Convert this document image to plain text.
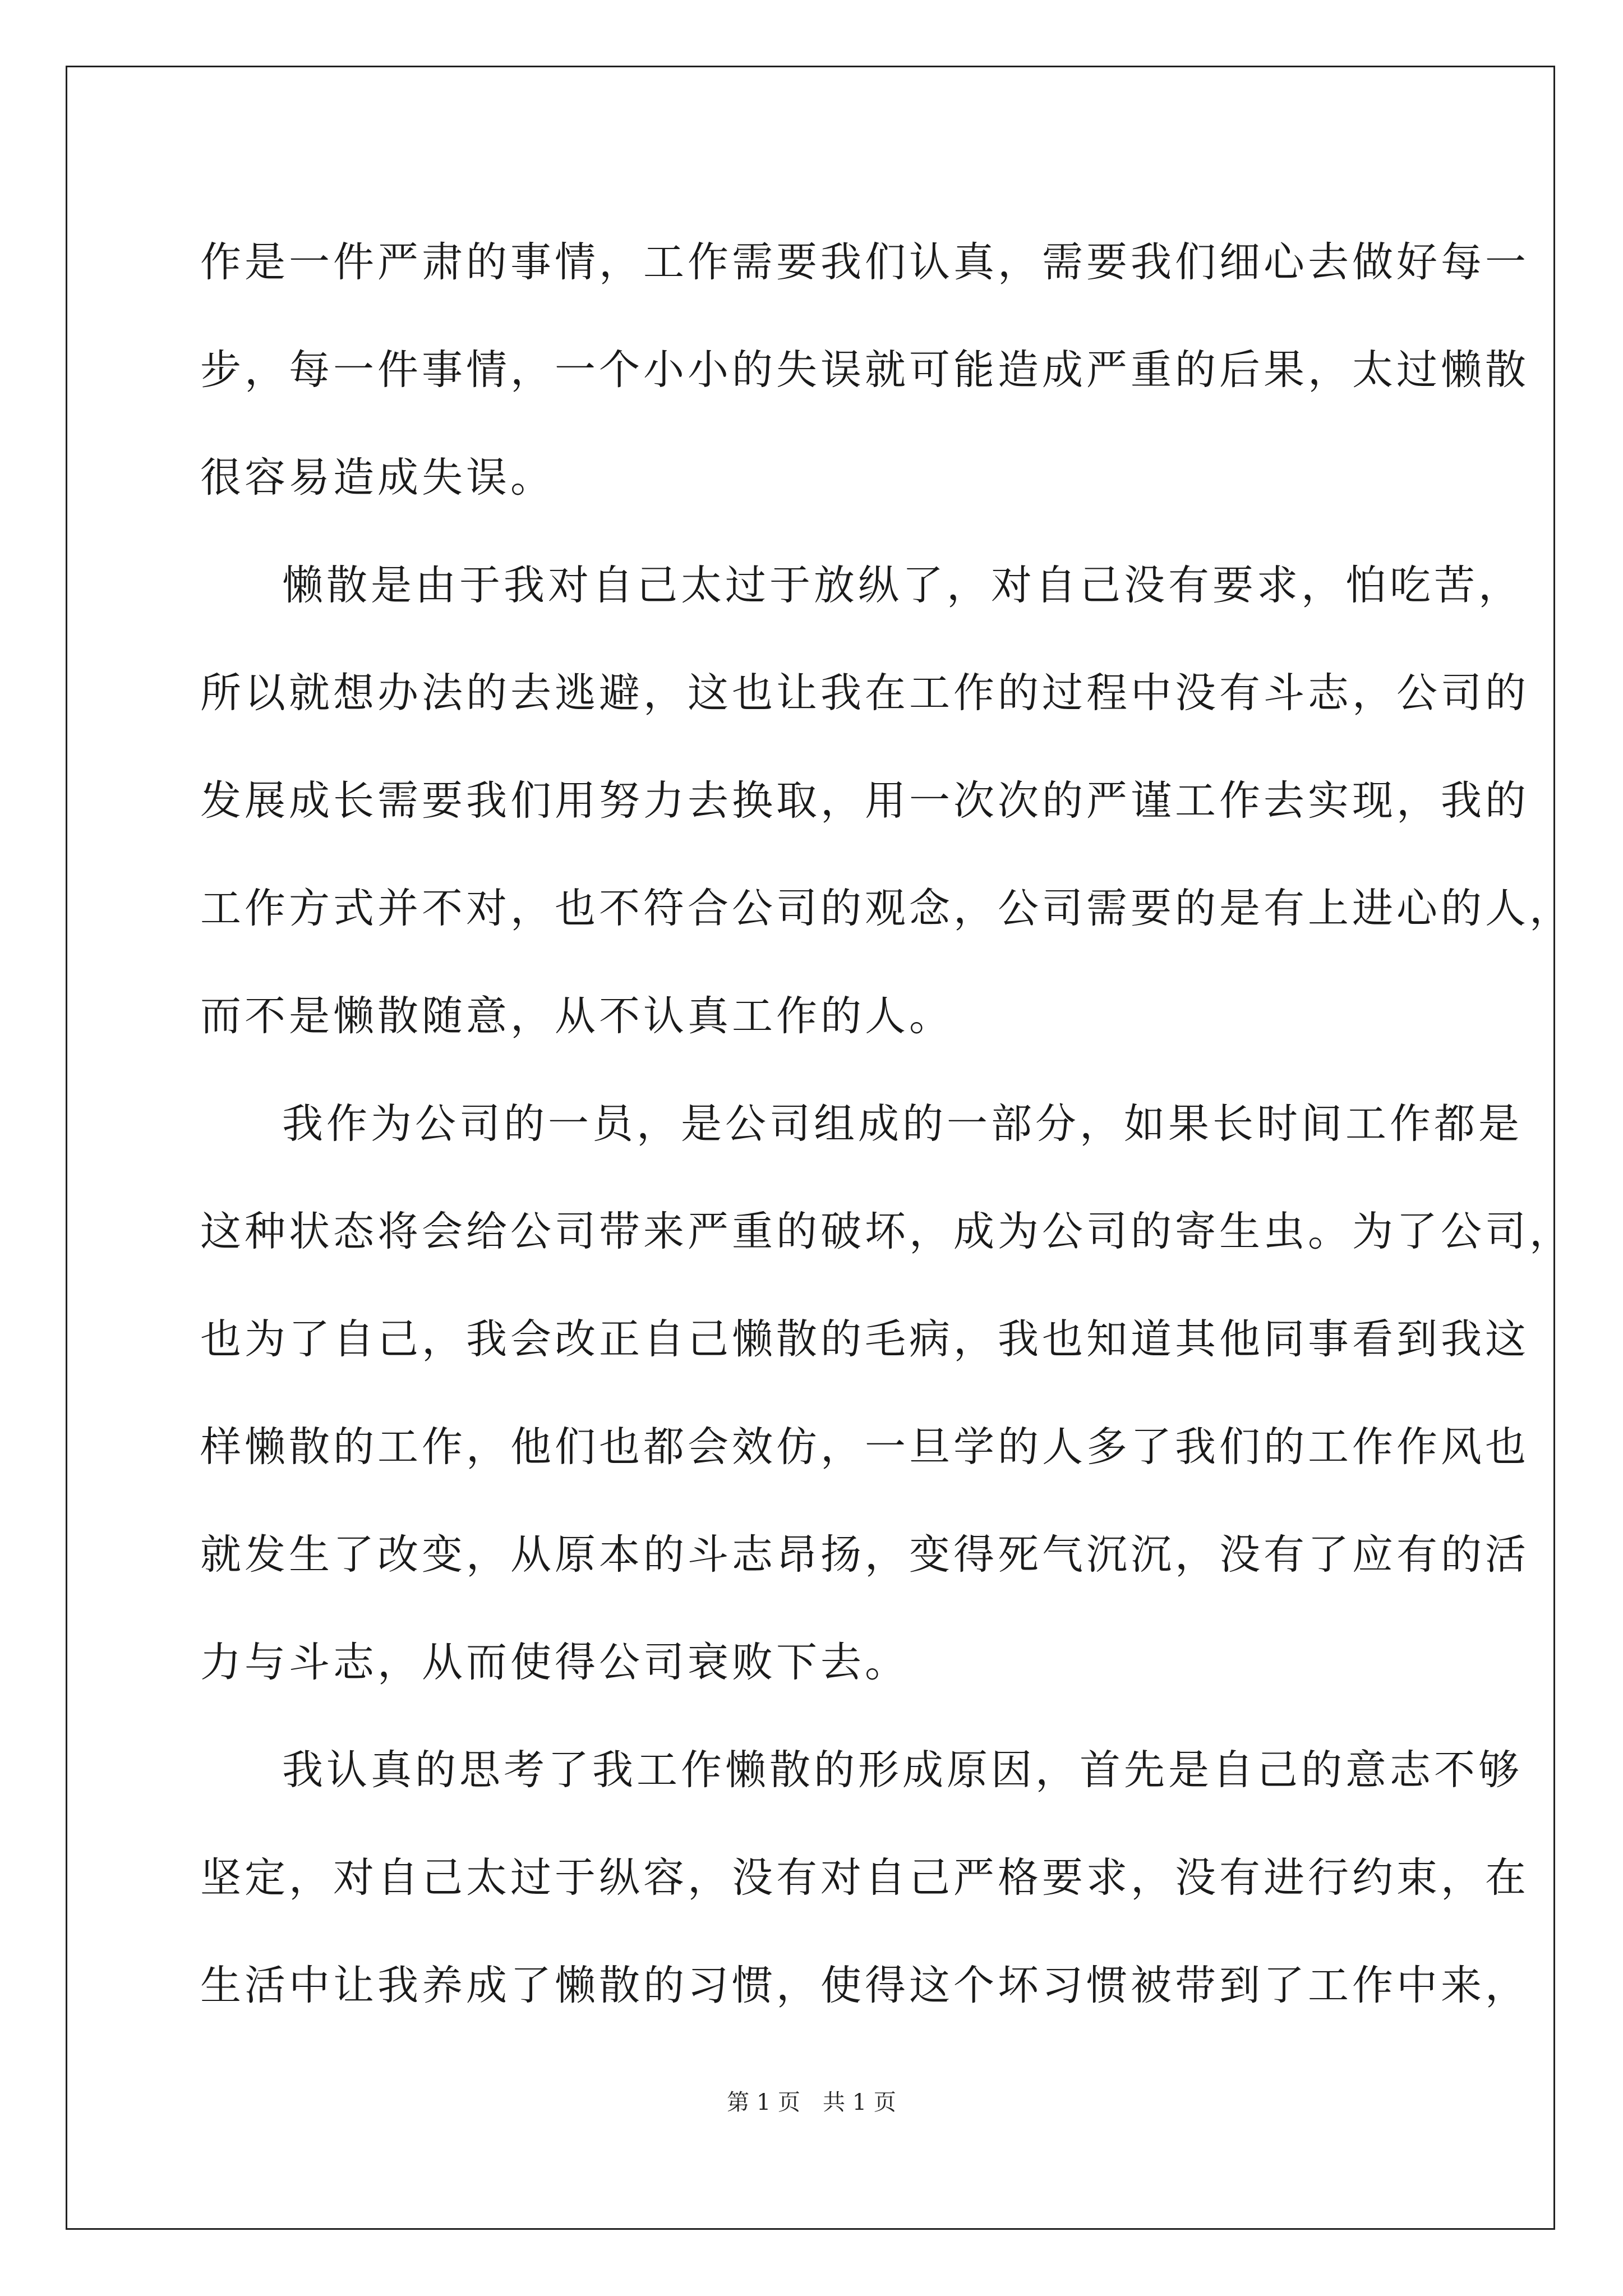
作是一件严肃的事情，工作需要我们认真，需要我们细心去做好每一
步，每一件事情，一个小小的失误就可能造成严重的后果，太过懒散
很容易造成失误。
懒散是由于我对自己太过于放纵了，对自己没有要求，怕吃苦，
所以就想办法的去逃避，这也让我在工作的过程中没有斗志，公司的
发展成长需要我们用努力去换取，用一次次的严谨工作去实现，我的
工作方式并不对，也不符合公司的观念，公司需要的是有上进心的人，
而不是懒散随意，从不认真工作的人。
我作为公司的一员，是公司组成的一部分，如果长时间工作都是
这种状态将会给公司带来严重的破坏，成为公司的寄生虫。为了公司，
也为了自己，我会改正自己懒散的毛病，我也知道其他同事看到我这
样懒散的工作，他们也都会效仿，一旦学的人多了我们的工作作风也
就发生了改变，从原本的斗志昂扬，变得死气沉沉，没有了应有的活
力与斗志，从而使得公司衰败下去。
我认真的思考了我工作懒散的形成原因，首先是自己的意志不够
坚定，对自己太过于纵容，没有对自己严格要求，没有进行约束，在
生活中让我养成了懒散的习惯，使得这个坏习惯被带到了工作中来，
第 1 页　共 1 页
